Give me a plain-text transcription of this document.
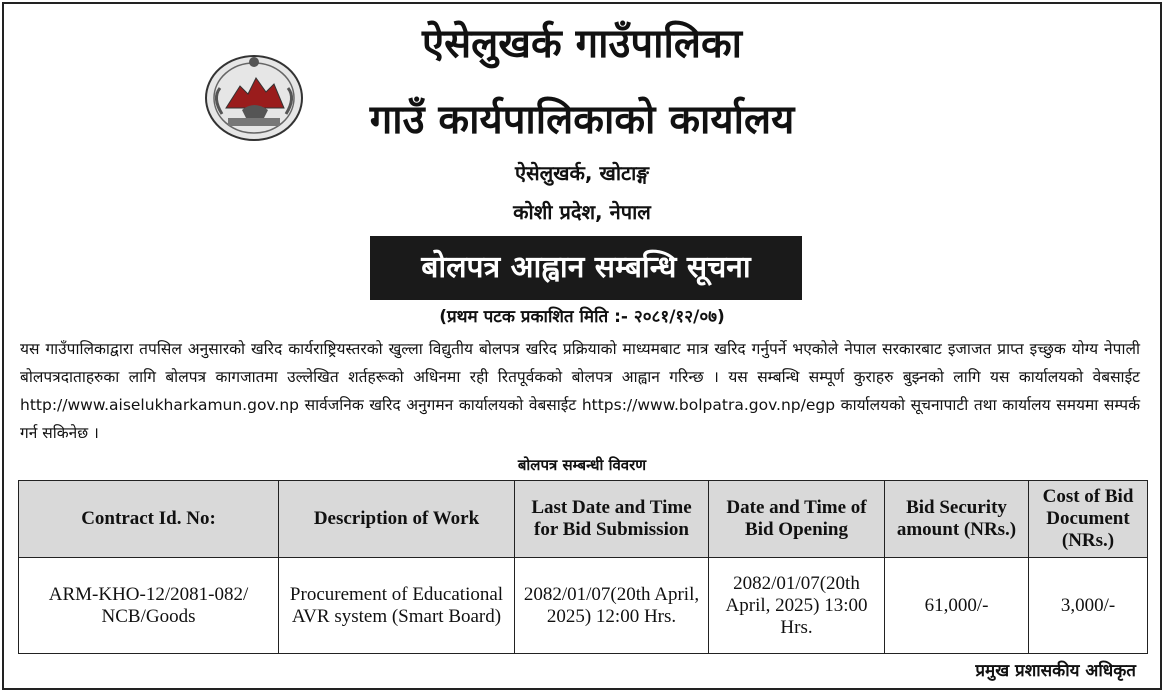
ऐसेलुखर्क गाउँपालिका
गाउँ कार्यपालिकाको कार्यालय
ऐसेलुखर्क, खोटाङ्ग
कोशी प्रदेश, नेपाल
बोलपत्र आह्वान सम्बन्धि सूचना
(प्रथम पटक प्रकाशित मिति :- २०८१/१२/०७)
यस गाउँपालिकाद्वारा तपसिल अनुसारको खरिद कार्यराष्ट्रियस्तरको खुल्ला विद्युतीय बोलपत्र खरिद प्रक्रियाको माध्यमबाट मात्र खरिद गर्नुपर्ने भएकोले नेपाल सरकारबाट इजाजत प्राप्त इच्छुक योग्य नेपाली बोलपत्रदाताहरुका लागि बोलपत्र कागजातमा उल्लेखित शर्तहरूको अधिनमा रही रितपूर्वकको बोलपत्र आह्वान गरिन्छ । यस सम्बन्धि सम्पूर्ण कुराहरु बुझ्नको लागि यस कार्यालयको वेबसाईट http://www.aiselukharkamun.gov.np सार्वजनिक खरिद अनुगमन कार्यालयको वेबसाईट https://www.bolpatra.gov.np/egp कार्यालयको सूचनापाटी तथा कार्यालय समयमा सम्पर्क गर्न सकिनेछ ।
बोलपत्र सम्बन्धी विवरण
Contract Id. No:	Description of Work	Last Date and Time for Bid Submission	Date and Time of Bid Opening	Bid Security amount (NRs.)	Cost of Bid Document (NRs.)
ARM-KHO-12/2081-082/ NCB/Goods	Procurement of Educational AVR system (Smart Board)	2082/01/07(20th April, 2025) 12:00 Hrs.	2082/01/07(20th April, 2025) 13:00 Hrs.	61,000/-	3,000/-
प्रमुख प्रशासकीय अधिकृत
